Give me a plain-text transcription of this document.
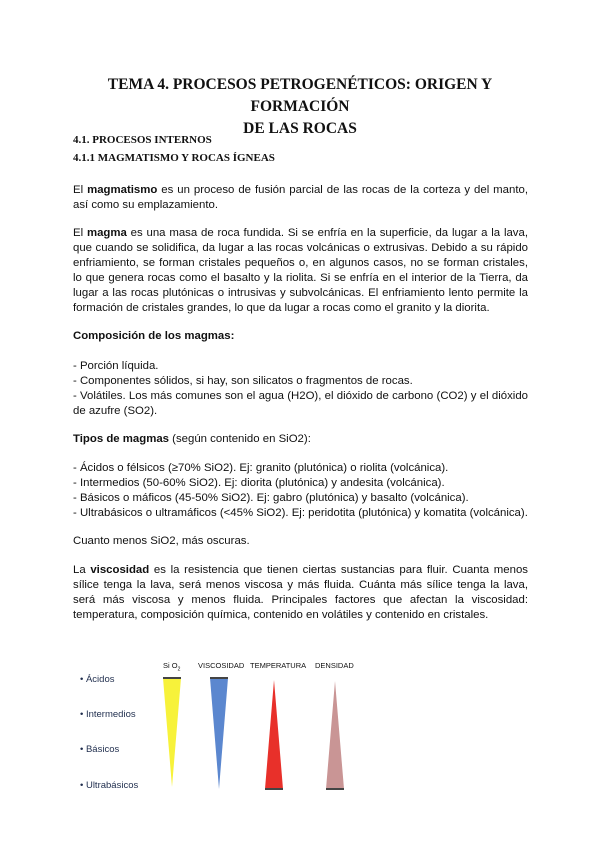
TEMA 4. PROCESOS PETROGENÉTICOS: ORIGEN Y FORMACIÓN
DE LAS ROCAS
4.1. PROCESOS INTERNOS
4.1.1 MAGMATISMO Y ROCAS ÍGNEAS
El magmatismo es un proceso de fusión parcial de las rocas de la corteza y del manto, así como su emplazamiento.
El magma es una masa de roca fundida. Si se enfría en la superficie, da lugar a la lava, que cuando se solidifica, da lugar a las rocas volcánicas o extrusivas. Debido a su rápido enfriamiento, se forman cristales pequeños o, en algunos casos, no se forman cristales, lo que genera rocas como el basalto y la riolita. Si se enfría en el interior de la Tierra, da lugar a las rocas plutónicas o intrusivas y subvolcánicas. El enfriamiento lento permite la formación de cristales grandes, lo que da lugar a rocas como el granito y la diorita.
Composición de los magmas:
- Porción líquida.
- Componentes sólidos, si hay, son silicatos o fragmentos de rocas.
- Volátiles. Los más comunes son el agua (H2O), el dióxido de carbono (CO2) y el dióxido de azufre (SO2).
Tipos de magmas (según contenido en SiO2):
- Ácidos o félsicos (≥70% SiO2). Ej: granito (plutónica) o riolita (volcánica).
- Intermedios (50-60% SiO2). Ej: diorita (plutónica) y andesita (volcánica).
- Básicos o máficos (45-50% SiO2). Ej: gabro (plutónica) y basalto (volcánica).
- Ultrabásicos o ultramáficos (<45% SiO2). Ej: peridotita (plutónica) y komatita (volcánica).
Cuanto menos SiO2, más oscuras.
La viscosidad es la resistencia que tienen ciertas sustancias para fluir. Cuanta menos sílice tenga la lava, será menos viscosa y más fluida. Cuánta más sílice tenga la lava, será más viscosa y menos fluida. Principales factores que afectan la viscosidad: temperatura, composición química, contenido en volátiles y contenido en cristales.
• Ácidos
• Intermedios
• Básicos
• Ultrabásicos
Si $O_2$ VISCOSIDAD TEMPERATURA DENSIDAD
